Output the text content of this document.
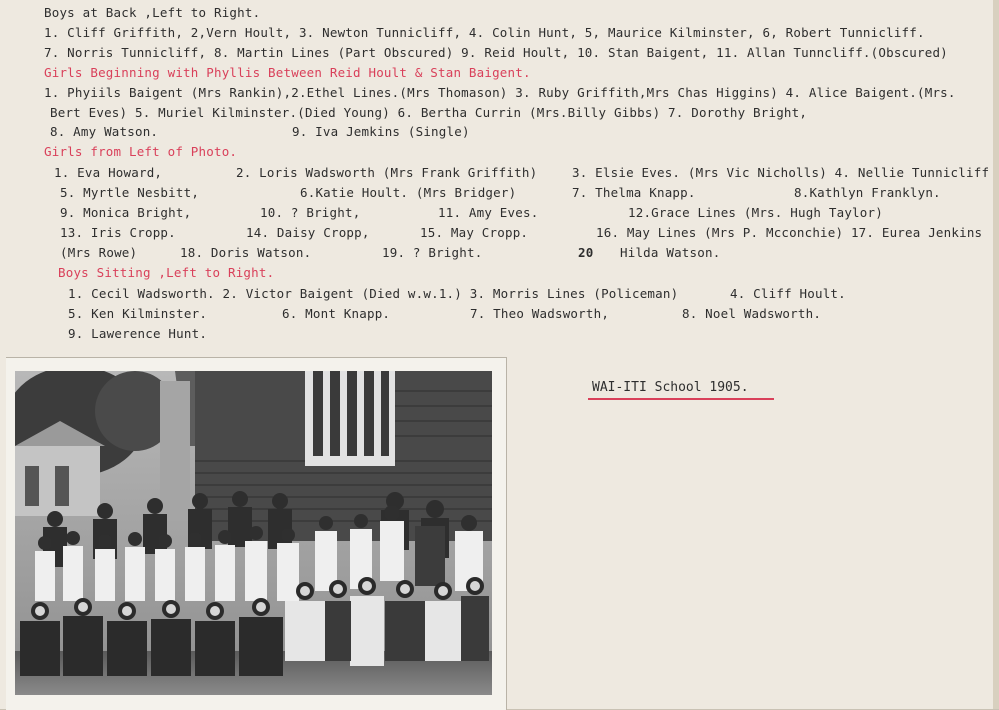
Boys at Back ,Left to Right.
1. Cliff Griffith, 2,Vern Hoult, 3. Newton Tunnicliff, 4. Colin Hunt, 5, Maurice Kilminster, 6, Robert Tunnicliff.
7. Norris Tunnicliff, 8. Martin Lines (Part Obscured) 9. Reid Hoult, 10. Stan Baigent, 11. Allan Tunncliff.(Obscured)
Girls Beginning with Phyllis Between Reid Hoult & Stan Baigent.
1. Phyiils Baigent (Mrs Rankin),2.Ethel Lines.(Mrs Thomason) 3. Ruby Griffith,Mrs Chas Higgins) 4. Alice Baigent.(Mrs.
Bert Eves) 5. Muriel Kilminster.(Died Young) 6. Bertha Currin (Mrs.Billy Gibbs) 7. Dorothy Bright,
8. Amy Watson.	9. Iva Jemkins (Single)
Girls from Left of Photo.
1. Eva Howard,	2. Loris Wadsworth (Mrs Frank Griffith)	3. Elsie Eves. (Mrs Vic Nicholls) 4. Nellie Tunnicliff
5. Myrtle Nesbitt,	6.Katie Hoult. (Mrs Bridger)	7. Thelma Knapp.	8.Kathlyn Franklyn.
9. Monica Bright,	10. ? Bright,	11. Amy Eves.	12.Grace Lines (Mrs. Hugh Taylor)
13. Iris Cropp.	14. Daisy Cropp,	15. May Cropp.	16. May Lines (Mrs P. Mcconchie) 17. Eurea Jenkins
(Mrs Rowe)	18. Doris Watson.	19. ? Bright.	20 Hilda Watson.
Boys Sitting ,Left to Right.
1. Cecil Wadsworth. 2. Victor Baigent (Died w.w.1.) 3. Morris Lines (Policeman)	4. Cliff Hoult.
5. Ken Kilminster.	6. Mont Knapp.	7. Theo Wadsworth,	8. Noel Wadsworth.
9. Lawerence Hunt.
WAI-ITI School 1905.
